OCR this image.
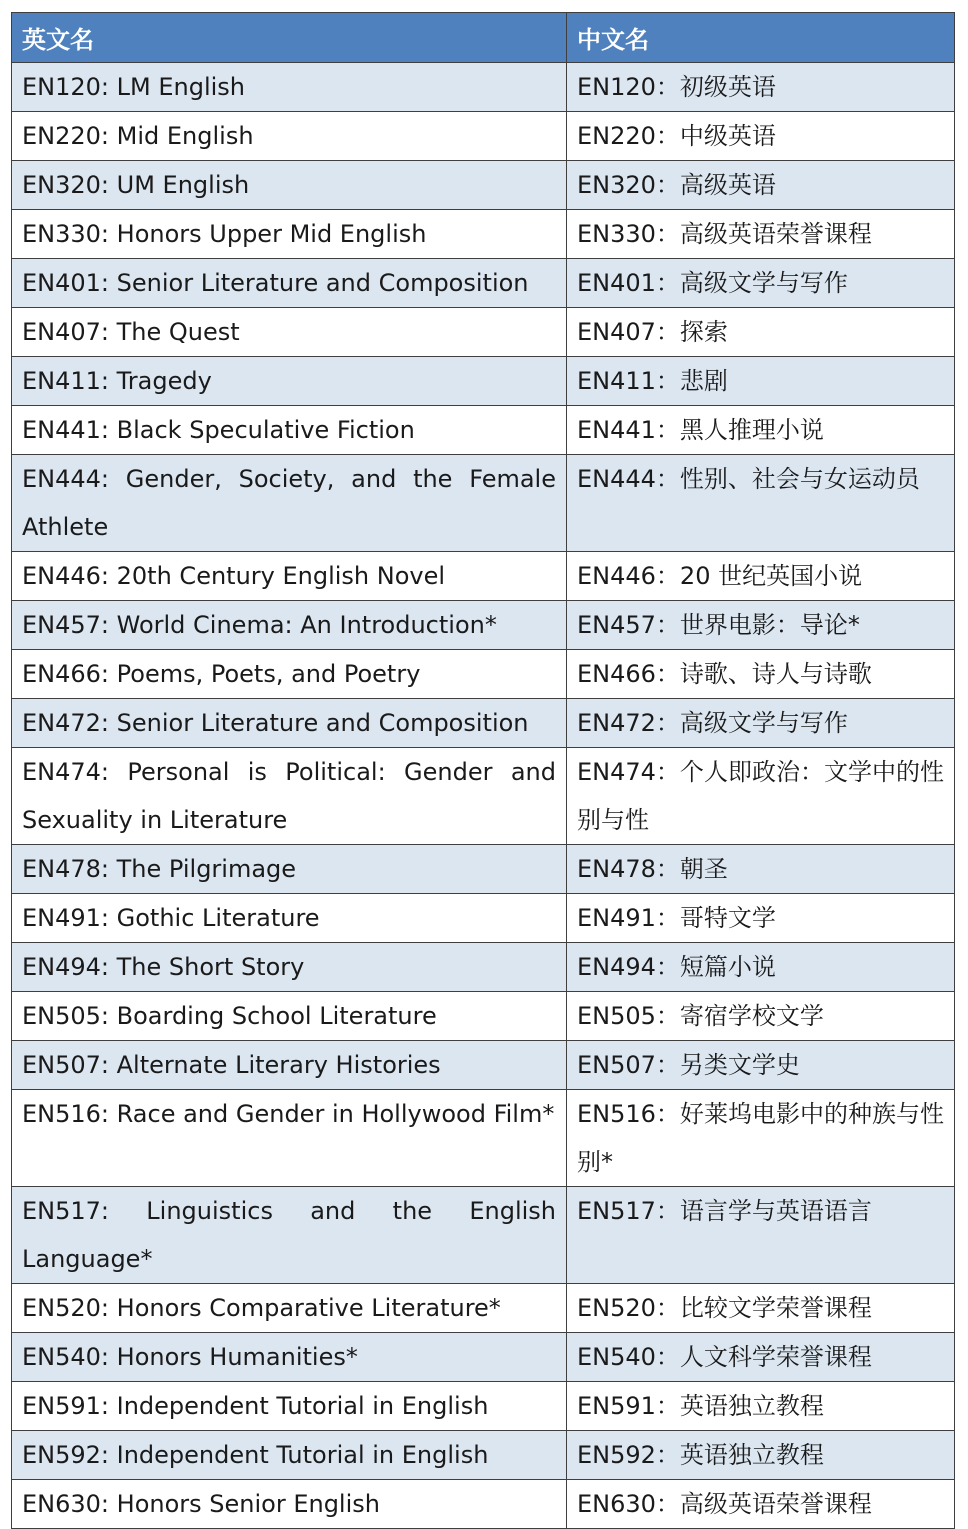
英文名	中文名
EN120: LM English	EN120：初级英语
EN220: Mid English	EN220：中级英语
EN320: UM English	EN320：高级英语
EN330: Honors Upper Mid English	EN330：高级英语荣誉课程
EN401: Senior Literature and Composition	EN401：高级文学与写作
EN407: The Quest	EN407：探索
EN411: Tragedy	EN411：悲剧
EN441: Black Speculative Fiction	EN441：黑人推理小说
EN444: Gender, Society, and the Female Athlete	EN444：性别、社会与女运动员
EN446: 20th Century English Novel	EN446：20 世纪英国小说
EN457: World Cinema: An Introduction*	EN457：世界电影：导论*
EN466: Poems, Poets, and Poetry	EN466：诗歌、诗人与诗歌
EN472: Senior Literature and Composition	EN472：高级文学与写作
EN474: Personal is Political: Gender and Sexuality in Literature	EN474：个人即政治：文学中的性别与性
EN478: The Pilgrimage	EN478：朝圣
EN491: Gothic Literature	EN491：哥特文学
EN494: The Short Story	EN494：短篇小说
EN505: Boarding School Literature	EN505：寄宿学校文学
EN507: Alternate Literary Histories	EN507：另类文学史
EN516: Race and Gender in Hollywood Film*	EN516：好莱坞电影中的种族与性别*
EN517: Linguistics and the English Language*	EN517：语言学与英语语言
EN520: Honors Comparative Literature*	EN520：比较文学荣誉课程
EN540: Honors Humanities*	EN540：人文科学荣誉课程
EN591: Independent Tutorial in English	EN591：英语独立教程
EN592: Independent Tutorial in English	EN592：英语独立教程
EN630: Honors Senior English	EN630：高级英语荣誉课程
